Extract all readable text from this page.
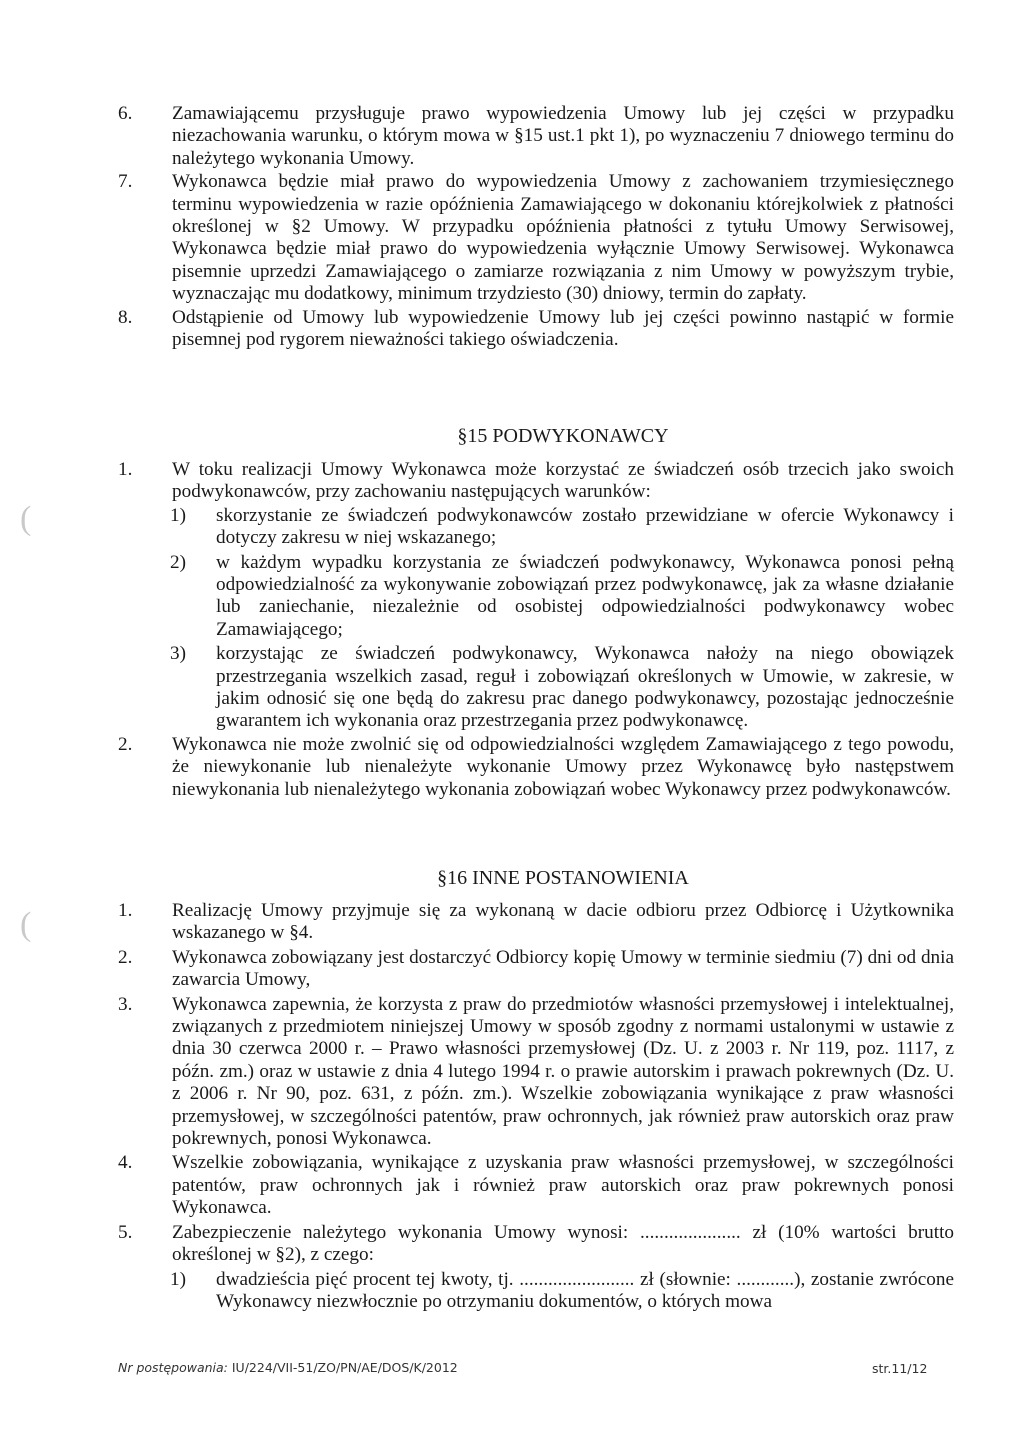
6. Zamawiającemu przysługuje prawo wypowiedzenia Umowy lub jej części w przypadku niezachowania warunku, o którym mowa w §15 ust.1 pkt 1), po wyznaczeniu 7 dniowego terminu do należytego wykonania Umowy.

7. Wykonawca będzie miał prawo do wypowiedzenia Umowy z zachowaniem trzymiesięcznego terminu wypowiedzenia w razie opóźnienia Zamawiającego w dokonaniu którejkolwiek z płatności określonej w §2 Umowy. W przypadku opóźnienia płatności z tytułu Umowy Serwisowej, Wykonawca będzie miał prawo do wypowiedzenia wyłącznie Umowy Serwisowej. Wykonawca pisemnie uprzedzi Zamawiającego o zamiarze rozwiązania z nim Umowy w powyższym trybie, wyznaczając mu dodatkowy, minimum trzydziesto (30) dniowy, termin do zapłaty.

8. Odstąpienie od Umowy lub wypowiedzenie Umowy lub jej części powinno nastąpić w formie pisemnej pod rygorem nieważności takiego oświadczenia.

§15 PODWYKONAWCY

1. W toku realizacji Umowy Wykonawca może korzystać ze świadczeń osób trzecich jako swoich podwykonawców, przy zachowaniu następujących warunków:

1) skorzystanie ze świadczeń podwykonawców zostało przewidziane w ofercie Wykonawcy i dotyczy zakresu w niej wskazanego;

2) w każdym wypadku korzystania ze świadczeń podwykonawcy, Wykonawca ponosi pełną odpowiedzialność za wykonywanie zobowiązań przez podwykonawcę, jak za własne działanie lub zaniechanie, niezależnie od osobistej odpowiedzialności podwykonawcy wobec Zamawiającego;

3) korzystając ze świadczeń podwykonawcy, Wykonawca nałoży na niego obowiązek przestrzegania wszelkich zasad, reguł i zobowiązań określonych w Umowie, w zakresie, w jakim odnosić się one będą do zakresu prac danego podwykonawcy, pozostając jednocześnie gwarantem ich wykonania oraz przestrzegania przez podwykonawcę.

2. Wykonawca nie może zwolnić się od odpowiedzialności względem Zamawiającego z tego powodu, że niewykonanie lub nienależyte wykonanie Umowy przez Wykonawcę było następstwem niewykonania lub nienależytego wykonania zobowiązań wobec Wykonawcy przez podwykonawców.

§16 INNE POSTANOWIENIA

1. Realizację Umowy przyjmuje się za wykonaną w dacie odbioru przez Odbiorcę i Użytkownika wskazanego w §4.

2. Wykonawca zobowiązany jest dostarczyć Odbiorcy kopię Umowy w terminie siedmiu (7) dni od dnia zawarcia Umowy,

3. Wykonawca zapewnia, że korzysta z praw do przedmiotów własności przemysłowej i intelektualnej, związanych z przedmiotem niniejszej Umowy w sposób zgodny z normami ustalonymi w ustawie z dnia 30 czerwca 2000 r. – Prawo własności przemysłowej (Dz. U. z 2003 r. Nr 119, poz. 1117, z późn. zm.) oraz w ustawie z dnia 4 lutego 1994 r. o prawie autorskim i prawach pokrewnych (Dz. U. z 2006 r. Nr 90, poz. 631, z późn. zm.). Wszelkie zobowiązania wynikające z praw własności przemysłowej, w szczególności patentów, praw ochronnych, jak również praw autorskich oraz praw pokrewnych, ponosi Wykonawca.

4. Wszelkie zobowiązania, wynikające z uzyskania praw własności przemysłowej, w szczególności patentów, praw ochronnych jak i również praw autorskich oraz praw pokrewnych ponosi Wykonawca.

5. Zabezpieczenie należytego wykonania Umowy wynosi: ..................... zł (10% wartości brutto określonej w §2), z czego:

1) dwadzieścia pięć procent tej kwoty, tj. ........................ zł (słownie: ............), zostanie zwrócone Wykonawcy niezwłocznie po otrzymaniu dokumentów, o których mowa

(
(
Nr postępowania: IU/224/VII-51/ZO/PN/AE/DOS/K/2012	str.11/12
